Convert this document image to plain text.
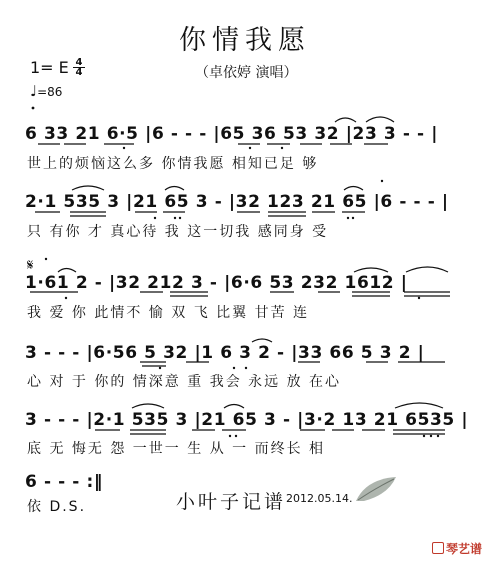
你情我愿
1= E 4
4	（卓依婷 演唱）
♩=86
6 33 21 6·5 |6 - - - |65 36 53 32 |23 3 - - |
世上的烦恼这么多 你情我愿 相知已足 够
2·1 535 3 |21 65 3 - |32 123 21 65 |6 - - - |
只 有你 才 真心待 我 这一切我 感同身 受
𝄋
1·61 2 - |32 212 3 - |6·6 53 232 1612 |
我 爱 你 此情不 愉 双 飞 比翼 甘苦 连
3 - - - |6·56 5 32 |1 6 3 2 - |33 66 5 3 2 |
心 对 于 你的 情深意 重 我会 永远 放 在心
3 - - - |2·1 535 3 |21 65 3 - |3·2 13 21 6535 |
底 无 悔无 怨 一世一 生 从 一 而终长 相
6 - - - :‖
依 D.S.	小叶子记谱 2012.05.14.
琴艺谱
